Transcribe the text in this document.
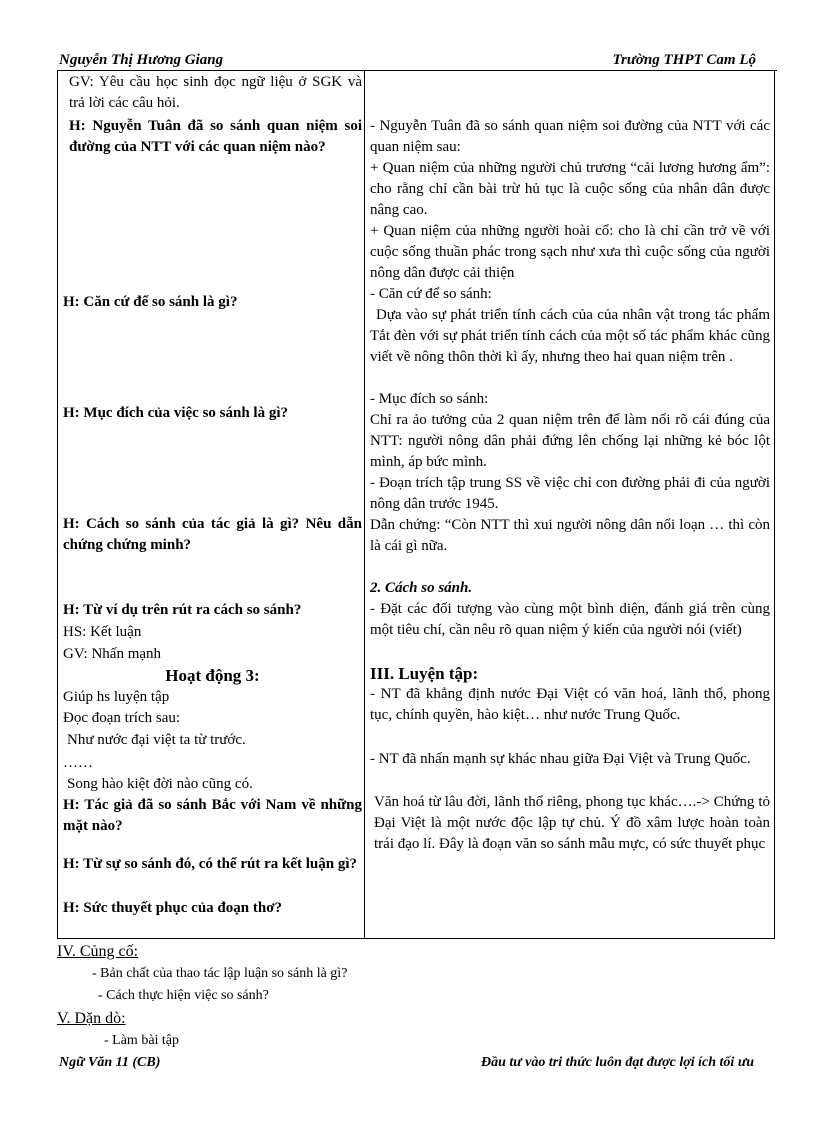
Nguyễn Thị Hương Giang	Trường THPT Cam Lộ
GV: Yêu cầu học sinh đọc ngữ liệu ở SGK và trả lời các câu hỏi.
H: Nguyễn Tuân đã so sánh quan niệm soi đường của NTT với các quan niệm nào?
H: Căn cứ để so sánh là gì?
H: Mục đích của việc so sánh là gì?
H: Cách so sánh của tác giả là gì? Nêu dẫn chứng chứng minh?
H: Từ ví dụ trên rút ra cách so sánh?
HS: Kết luận
GV: Nhấn mạnh
Hoạt động 3:
Giúp hs luyện tập
Đọc đoạn trích sau:
Như nước đại việt ta từ trước.
……
Song hào kiệt đời nào cũng có.
H: Tác giả đã so sánh Bắc với Nam về những mặt nào?
H: Từ sự so sánh đó, có thể rút ra kết luận gì?
H: Sức thuyết phục của đoạn thơ?
- Nguyễn Tuân đã so sánh quan niệm soi đường của NTT với các quan niệm sau:
+ Quan niệm của những người chủ trương “cải lương hương ẩm”: cho rằng chỉ cần bài trừ hủ tục là cuộc sống của nhân dân được nâng cao.
+ Quan niệm của những người hoài cổ: cho là chỉ cần trở về với cuộc sống thuần phác trong sạch như xưa thì cuộc sống của người nông dân được cải thiện
- Căn cứ để so sánh:
Dựa vào sự phát triển tính cách của của nhân vật trong tác phẩm Tắt đèn với sự phát triển tính cách của một số tác phẩm khác cũng viết về nông thôn thời kì ấy, nhưng theo hai quan niệm trên .
- Mục đích so sánh:
Chỉ ra ảo tưởng của 2 quan niệm trên để làm nổi rõ cái đúng của NTT: người nông dân phải đứng lên chống lại những kẻ bóc lột mình, áp bức mình.
- Đoạn trích tập trung SS về việc chỉ con đường phải đi của người nông dân trước 1945.
Dẫn chứng: “Còn NTT thì xui người nông dân nổi loạn … thì còn là cái gì nữa.
2. Cách so sánh.
- Đặt các đối tượng vào cùng một bình diện, đánh giá trên cùng một tiêu chí, cần nêu rõ quan niệm ý kiến của người nói (viết)
III. Luyện tập:
- NT đã khẳng định nước Đại Việt có văn hoá, lãnh thổ, phong tục, chính quyền, hào kiệt… như nước Trung Quốc.
- NT đã nhấn mạnh sự khác nhau giữa Đại Việt và Trung Quốc.
Văn hoá từ lâu đời, lãnh thổ riêng, phong tục khác….-> Chứng tỏ Đại Việt là một nước độc lập tự chủ. Ý đồ xâm lược hoàn toàn trái đạo lí. Đây là đoạn văn so sánh mẫu mực, có sức thuyết phục
IV. Củng cố:
- Bản chất của thao tác lập luận so sánh là gì?
- Cách thực hiện việc so sánh?
V. Dặn dò:
- Làm bài tập
Ngữ Văn 11 (CB)	Đầu tư vào tri thức luôn đạt được lợi ích tối ưu
